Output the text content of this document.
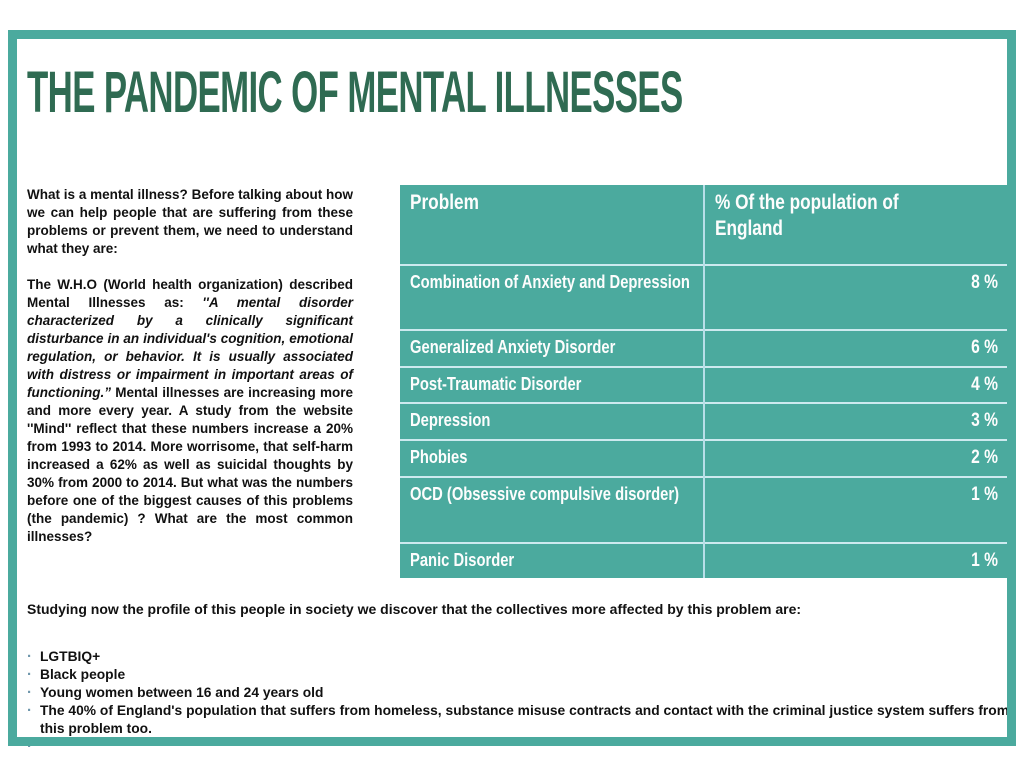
THE PANDEMIC OF MENTAL ILLNESSES

What is a mental illness? Before talking about how we can help people that are suffering from these problems or prevent them, we need to understand what they are:

The W.H.O (World health organization) described Mental Illnesses as: ''A mental disorder characterized by a clinically significant disturbance in an individual's cognition, emotional regulation, or behavior. It is usually associated with distress or impairment in important areas of functioning.” Mental illnesses are increasing more and more every year. A study from the website ''Mind'' reflect that these numbers increase a 20% from 1993 to 2014. More worrisome, that self-harm increased a 62% as well as suicidal thoughts by 30% from 2000 to 2014. But what was the numbers before one of the biggest causes of this problems (the pandemic) ? What are the most common illnesses?

Problem	% Of the population of England
Combination of Anxiety and Depression	8 %

Generalized Anxiety Disorder	6 %

Post-Traumatic Disorder	4 %

Depression	3 %

Phobies	2 %

OCD (Obsessive compulsive disorder)	1 %

Panic Disorder	1 %

Studying now the profile of this people in society we discover that the collectives more affected by this problem are:

· LGTBIQ+
· Black people
· Young women between 16 and 24 years old
· The 40% of England's population that suffers from homeless, substance misuse contracts and contact with the criminal justice system suffers from this problem too.
·
